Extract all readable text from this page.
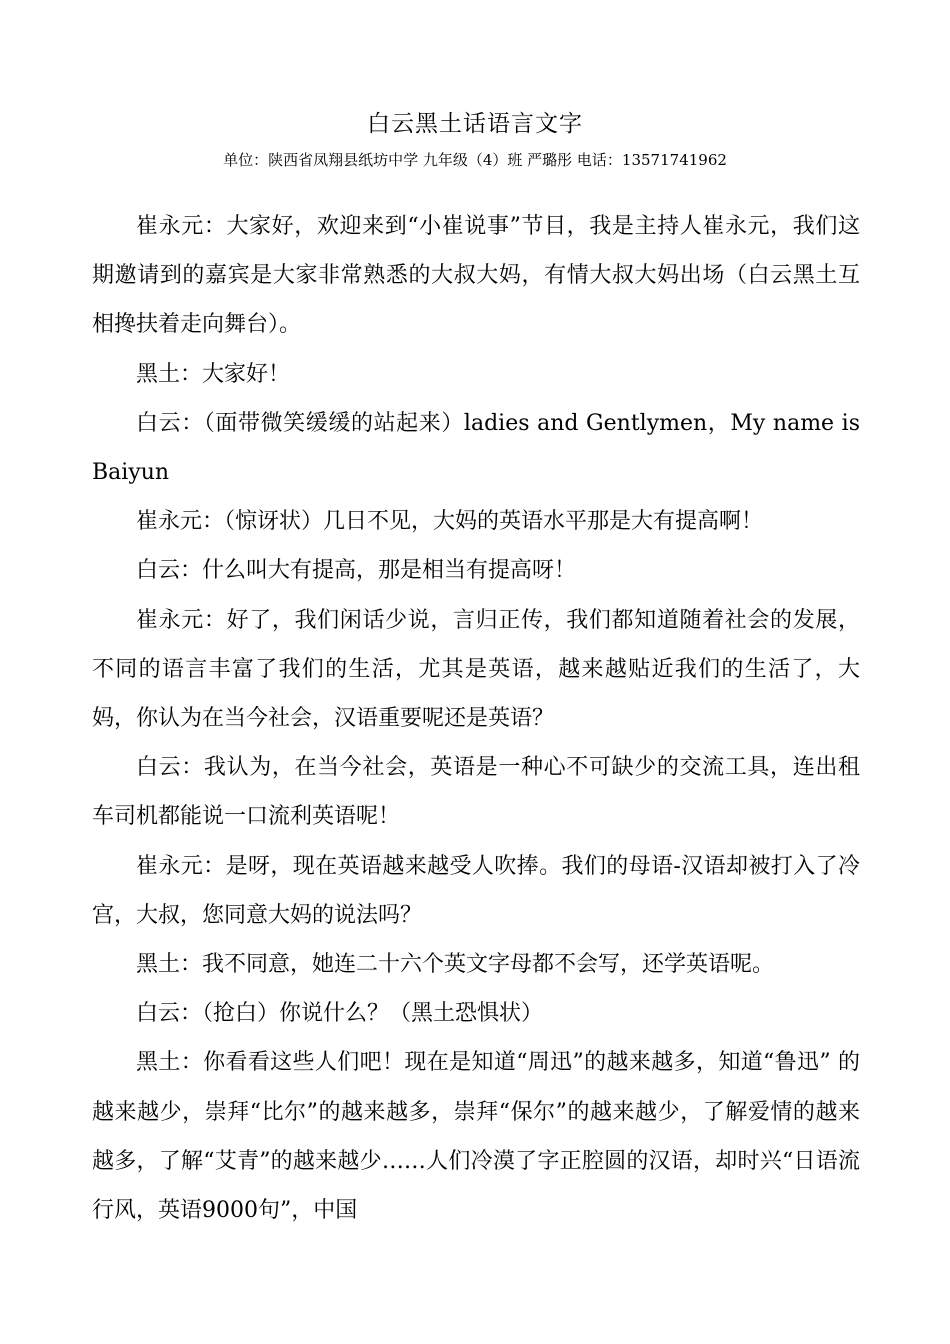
白云黑土话语言文字
单位：陕西省凤翔县纸坊中学 九年级（4）班 严璐彤 电话：13571741962

崔永元：大家好，欢迎来到“小崔说事”节目，我是主持人崔永元，我们这期邀请到的嘉宾是大家非常熟悉的大叔大妈，有情大叔大妈出场（白云黑土互相搀扶着走向舞台）。

黑土：大家好！

白云：（面带微笑缓缓的站起来）ladies and Gentlymen，My name is Baiyun

崔永元：（惊讶状）几日不见，大妈的英语水平那是大有提高啊！

白云：什么叫大有提高，那是相当有提高呀！

崔永元：好了，我们闲话少说，言归正传，我们都知道随着社会的发展，不同的语言丰富了我们的生活，尤其是英语，越来越贴近我们的生活了，大妈，你认为在当今社会，汉语重要呢还是英语？

白云：我认为，在当今社会，英语是一种心不可缺少的交流工具，连出租车司机都能说一口流利英语呢！

崔永元：是呀，现在英语越来越受人吹捧。我们的母语-汉语却被打入了冷宫，大叔，您同意大妈的说法吗？

黑土：我不同意，她连二十六个英文字母都不会写，还学英语呢。

白云：（抢白）你说什么？（黑土恐惧状）

黑土：你看看这些人们吧！现在是知道“周迅”的越来越多，知道“鲁迅” 的越来越少，崇拜“比尔”的越来越多，崇拜“保尔”的越来越少，了解爱情的越来越多，了解“艾青”的越来越少……人们冷漠了字正腔圆的汉语，却时兴“日语流行风，英语9000句”，中国
